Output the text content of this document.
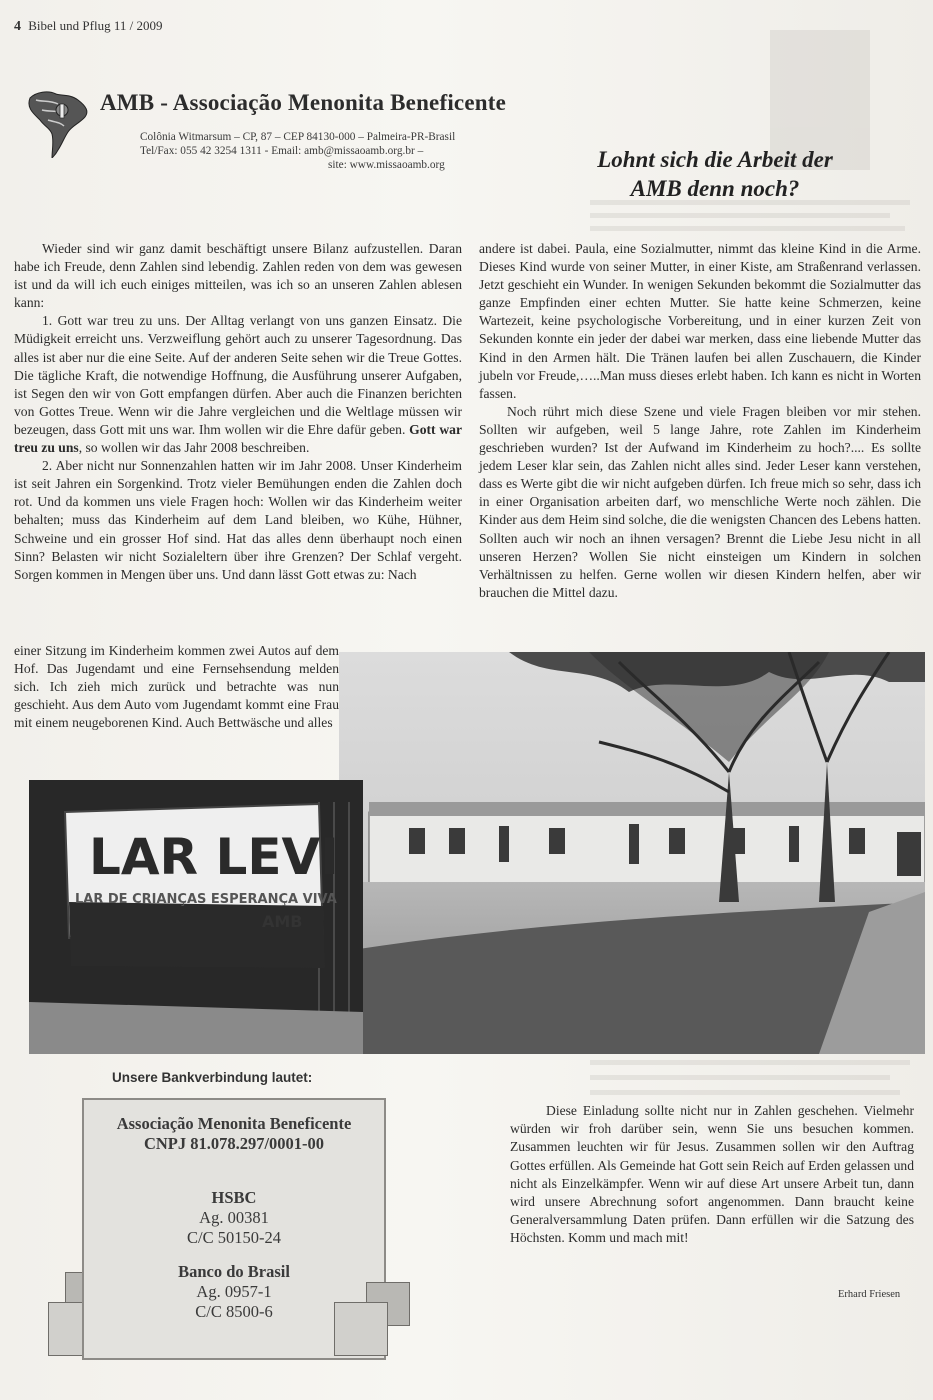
​
4 Bibel und Pflug 11 / 2009
AMB - Associação Menonita Beneficente
Colônia Witmarsum – CP, 87 – CEP 84130-000 – Palmeira-PR-Brasil
Tel/Fax: 055 42 3254 1311 - Email: amb@missaoamb.org.br –
site: www.missaoamb.org	Lohnt sich die Arbeit der
AMB denn noch?

Wieder sind wir ganz damit beschäftigt unsere Bilanz aufzustellen. Daran habe ich Freude, denn Zahlen sind lebendig. Zahlen reden von dem was gewesen ist und da will ich euch einiges mitteilen, was ich so an unseren Zahlen ablesen kann:

1. Gott war treu zu uns. Der Alltag verlangt von uns ganzen Einsatz. Die Müdigkeit erreicht uns. Verzweiflung gehört auch zu unserer Tagesordnung. Das alles ist aber nur die eine Seite. Auf der anderen Seite sehen wir die Treue Gottes. Die tägliche Kraft, die notwendige Hoffnung, die Ausführung unserer Aufgaben, ist Segen den wir von Gott empfangen dürfen. Aber auch die Finanzen berichten von Gottes Treue. Wenn wir die Jahre vergleichen und die Weltlage müssen wir bezeugen, dass Gott mit uns war. Ihm wollen wir die Ehre dafür geben. Gott war treu zu uns, so wollen wir das Jahr 2008 beschreiben.

2. Aber nicht nur Sonnenzahlen hatten wir im Jahr 2008. Unser Kinderheim ist seit Jahren ein Sorgenkind. Trotz vieler Bemühungen enden die Zahlen doch rot. Und da kommen uns viele Fragen hoch: Wollen wir das Kinderheim weiter behalten; muss das Kinderheim auf dem Land bleiben, wo Kühe, Hühner, Schweine und ein grosser Hof sind. Hat das alles denn überhaupt noch einen Sinn? Belasten wir nicht Sozialeltern über ihre Grenzen? Der Schlaf vergeht. Sorgen kommen in Mengen über uns. Und dann lässt Gott etwas zu: Nach

einer Sitzung im Kinderheim kommen zwei Autos auf dem Hof. Das Jugendamt und eine Fernsehsendung melden sich. Ich zieh mich zurück und betrachte was nun geschieht. Aus dem Auto vom Jugendamt kommt eine Frau mit einem neugeborenen Kind. Auch Bettwäsche und alles

andere ist dabei. Paula, eine Sozialmutter, nimmt das kleine Kind in die Arme. Dieses Kind wurde von seiner Mutter, in einer Kiste, am Straßenrand verlassen. Jetzt geschieht ein Wunder. In wenigen Sekunden bekommt die Sozialmutter das ganze Empfinden einer echten Mutter. Sie hatte keine Schmerzen, keine Wartezeit, keine psychologische Vorbereitung, und in einer kurzen Zeit von Sekunden konnte ein jeder der dabei war merken, dass eine liebende Mutter das Kind in den Armen hält. Die Tränen laufen bei allen Zuschauern, die Kinder jubeln vor Freude,…..Man muss dieses erlebt haben. Ich kann es nicht in Worten fassen.

Noch rührt mich diese Szene und viele Fragen bleiben vor mir stehen. Sollten wir aufgeben, weil 5 lange Jahre, rote Zahlen im Kinderheim geschrieben wurden? Ist der Aufwand im Kinderheim zu hoch?.... Es sollte jedem Leser klar sein, das Zahlen nicht alles sind. Jeder Leser kann verstehen, dass es Werte gibt die wir nicht aufgeben dürfen. Ich freue mich so sehr, dass ich in einer Organisation arbeiten darf, wo menschliche Werte noch zählen. Die Kinder aus dem Heim sind solche, die die wenigsten Chancen des Lebens hatten. Sollten auch wir noch an ihnen versagen? Brennt die Liebe Jesu nicht in all unseren Herzen? Wollen Sie nicht einsteigen um Kindern in solchen Verhältnissen zu helfen. Gerne wollen wir diesen Kindern helfen, aber wir brauchen die Mittel dazu.

LAR LEVI
LAR DE CRIANÇAS ESPERANÇA VIVA
AMB
Unsere Bankverbindung lautet:
Associação Menonita Beneficente
CNPJ 81.078.297/0001-00
HSBC
Ag. 00381
C/C 50150-24
Banco do Brasil
Ag. 0957-1
C/C 8500-6

Diese Einladung sollte nicht nur in Zahlen geschehen. Vielmehr würden wir froh darüber sein, wenn Sie uns besuchen kommen. Zusammen leuchten wir für Jesus. Zusammen sollen wir den Auftrag Gottes erfüllen. Als Gemeinde hat Gott sein Reich auf Erden gelassen und nicht als Einzelkämpfer. Wenn wir auf diese Art unsere Arbeit tun, dann wird unsere Abrechnung sofort angenommen. Dann braucht keine Generalversammlung Daten prüfen. Dann erfüllen wir die Satzung des Höchsten. Komm und mach mit!

Erhard Friesen
